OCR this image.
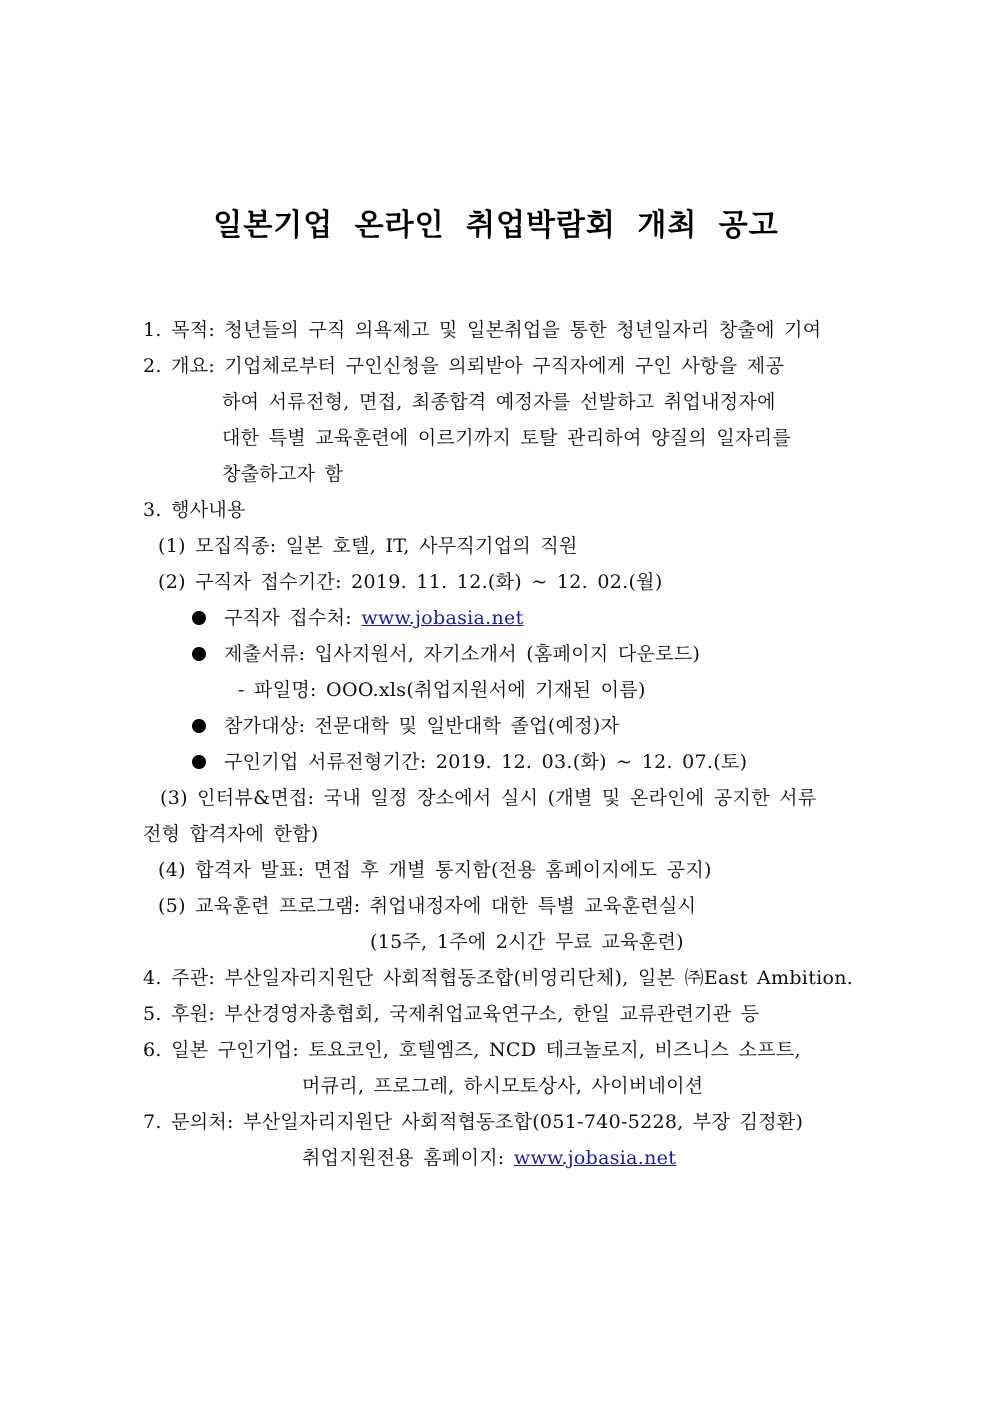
일본기업 온라인 취업박람회 개최 공고
1. 목적: 청년들의 구직 의욕제고 및 일본취업을 통한 청년일자리 창출에 기여
2. 개요: 기업체로부터 구인신청을 의뢰받아 구직자에게 구인 사항을 제공
하여 서류전형, 면접, 최종합격 예정자를 선발하고 취업내정자에
대한 특별 교육훈련에 이르기까지 토탈 관리하여 양질의 일자리를
창출하고자 함
3. 행사내용
(1) 모집직종: 일본 호텔, IT, 사무직기업의 직원
(2) 구직자 접수기간: 2019. 11. 12.(화) ~ 12. 02.(월)
구직자 접수처: www.jobasia.net
제출서류: 입사지원서, 자기소개서 (홈페이지 다운로드)
- 파일명: OOO.xls(취업지원서에 기재된 이름)
참가대상: 전문대학 및 일반대학 졸업(예정)자
구인기업 서류전형기간: 2019. 12. 03.(화) ~ 12. 07.(토)
(3) 인터뷰&면접: 국내 일정 장소에서 실시 (개별 및 온라인에 공지한 서류
전형 합격자에 한함)
(4) 합격자 발표: 면접 후 개별 통지함(전용 홈페이지에도 공지)
(5) 교육훈련 프로그램: 취업내정자에 대한 특별 교육훈련실시
(15주, 1주에 2시간 무료 교육훈련)
4. 주관: 부산일자리지원단 사회적협동조합(비영리단체), 일본 ㈜East Ambition.
5. 후원: 부산경영자총협회, 국제취업교육연구소, 한일 교류관련기관 등
6. 일본 구인기업: 토요코인, 호텔엠즈, NCD 테크놀로지, 비즈니스 소프트,
머큐리, 프로그레, 하시모토상사, 사이버네이션
7. 문의처: 부산일자리지원단 사회적협동조합(051-740-5228, 부장 김정환)
취업지원전용 홈페이지: www.jobasia.net
